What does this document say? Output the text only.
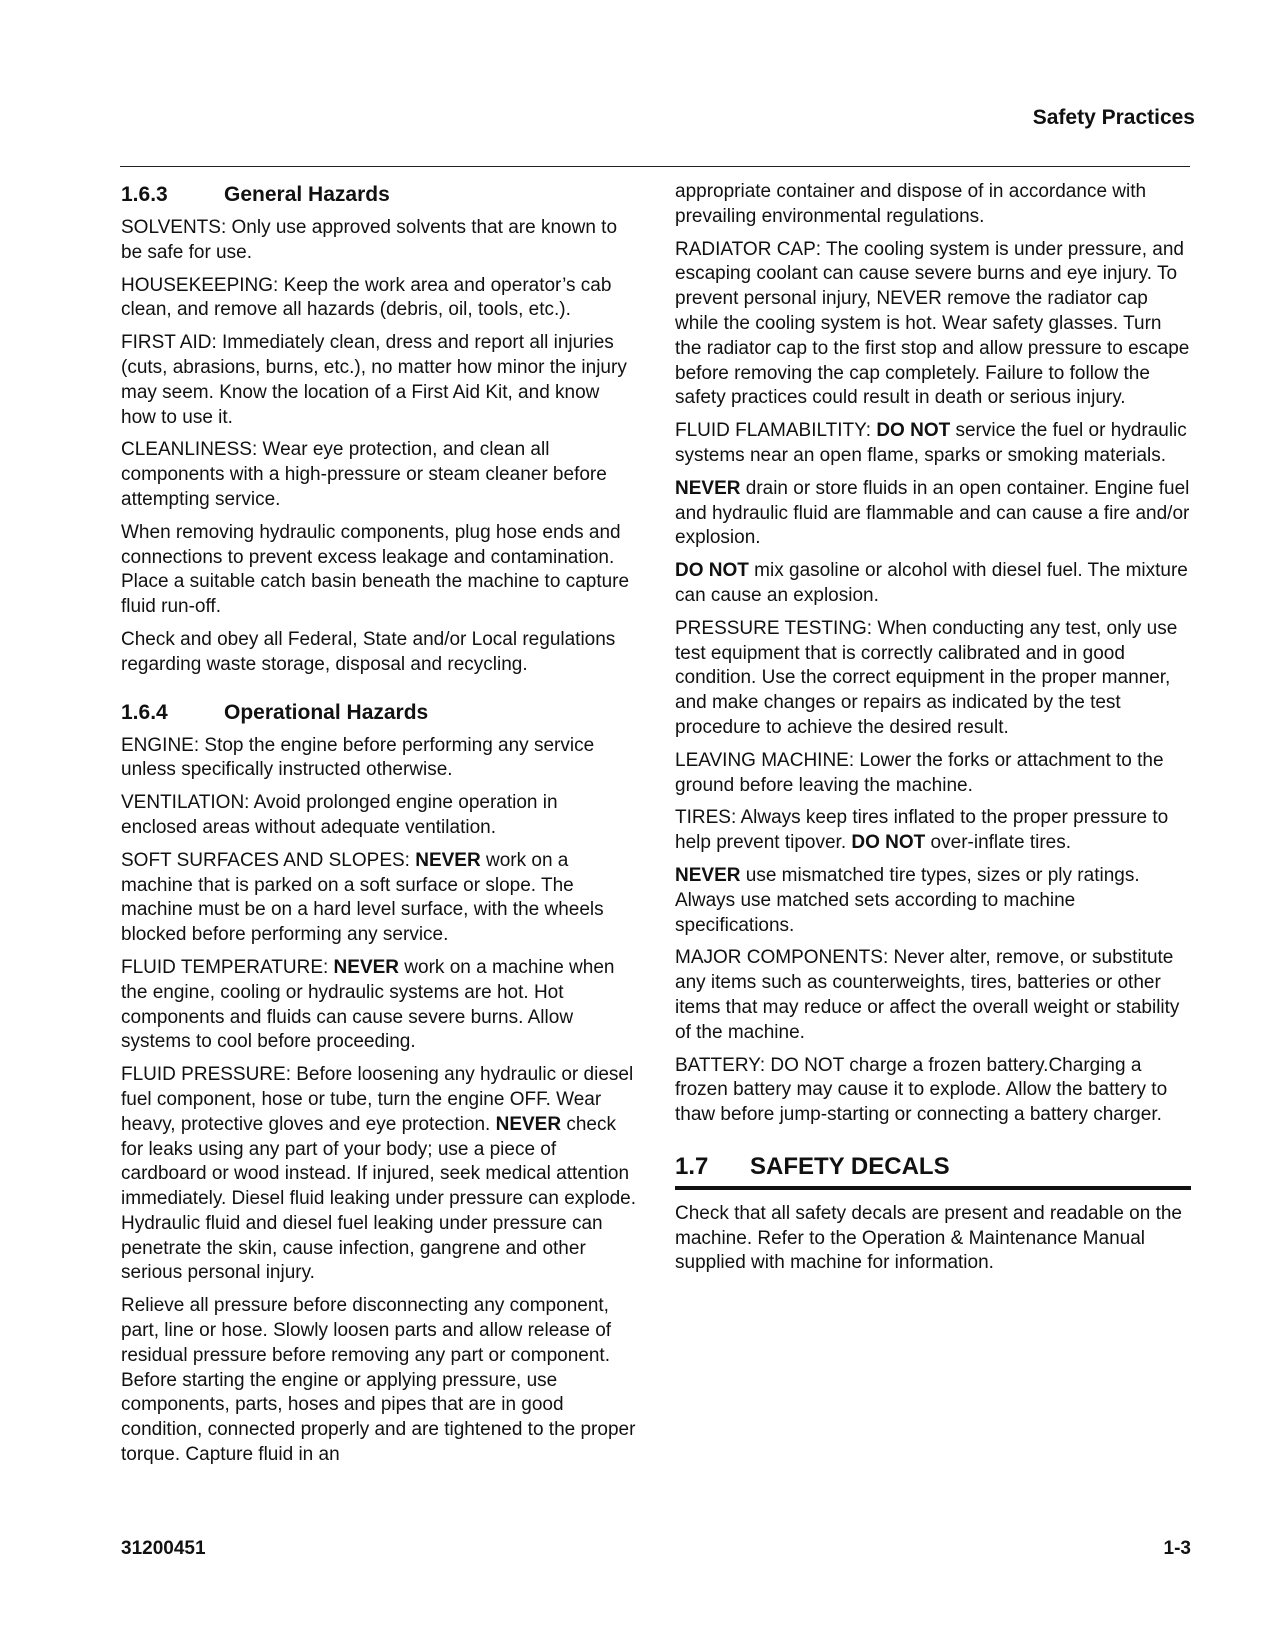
Safety Practices
1.6.3	General Hazards

SOLVENTS: Only use approved solvents that are known to be safe for use.

HOUSEKEEPING: Keep the work area and operator’s cab clean, and remove all hazards (debris, oil, tools, etc.).

FIRST AID: Immediately clean, dress and report all injuries (cuts, abrasions, burns, etc.), no matter how minor the injury may seem. Know the location of a First Aid Kit, and know how to use it.

CLEANLINESS: Wear eye protection, and clean all components with a high-pressure or steam cleaner before attempting service.

When removing hydraulic components, plug hose ends and connections to prevent excess leakage and contamination. Place a suitable catch basin beneath the machine to capture fluid run-off.

Check and obey all Federal, State and/or Local regulations regarding waste storage, disposal and recycling.

1.6.4	Operational Hazards

ENGINE: Stop the engine before performing any service unless specifically instructed otherwise.

VENTILATION: Avoid prolonged engine operation in enclosed areas without adequate ventilation.

SOFT SURFACES AND SLOPES: NEVER work on a machine that is parked on a soft surface or slope. The machine must be on a hard level surface, with the wheels blocked before performing any service.

FLUID TEMPERATURE: NEVER work on a machine when the engine, cooling or hydraulic systems are hot. Hot components and fluids can cause severe burns. Allow systems to cool before proceeding.

FLUID PRESSURE: Before loosening any hydraulic or diesel fuel component, hose or tube, turn the engine OFF. Wear heavy, protective gloves and eye protection. NEVER check for leaks using any part of your body; use a piece of cardboard or wood instead. If injured, seek medical attention immediately. Diesel fluid leaking under pressure can explode. Hydraulic fluid and diesel fuel leaking under pressure can penetrate the skin, cause infection, gangrene and other serious personal injury.

Relieve all pressure before disconnecting any component, part, line or hose. Slowly loosen parts and allow release of residual pressure before removing any part or component. Before starting the engine or applying pressure, use components, parts, hoses and pipes that are in good condition, connected properly and are tightened to the proper torque. Capture fluid in an

appropriate container and dispose of in accordance with prevailing environmental regulations.

RADIATOR CAP: The cooling system is under pressure, and escaping coolant can cause severe burns and eye injury. To prevent personal injury, NEVER remove the radiator cap while the cooling system is hot. Wear safety glasses. Turn the radiator cap to the first stop and allow pressure to escape before removing the cap completely. Failure to follow the safety practices could result in death or serious injury.

FLUID FLAMABILTITY: DO NOT service the fuel or hydraulic systems near an open flame, sparks or smoking materials.

NEVER drain or store fluids in an open container. Engine fuel and hydraulic fluid are flammable and can cause a fire and/or explosion.

DO NOT mix gasoline or alcohol with diesel fuel. The mixture can cause an explosion.

PRESSURE TESTING: When conducting any test, only use test equipment that is correctly calibrated and in good condition. Use the correct equipment in the proper manner, and make changes or repairs as indicated by the test procedure to achieve the desired result.

LEAVING MACHINE: Lower the forks or attachment to the ground before leaving the machine.

TIRES: Always keep tires inflated to the proper pressure to help prevent tipover. DO NOT over-inflate tires.

NEVER use mismatched tire types, sizes or ply ratings. Always use matched sets according to machine specifications.

MAJOR COMPONENTS: Never alter, remove, or substitute any items such as counterweights, tires, batteries or other items that may reduce or affect the overall weight or stability of the machine.

BATTERY: DO NOT charge a frozen battery.Charging a frozen battery may cause it to explode. Allow the battery to thaw before jump-starting or connecting a battery charger.

1.7	SAFETY DECALS

Check that all safety decals are present and readable on the machine. Refer to the Operation & Maintenance Manual supplied with machine for information.

31200451	1-3
